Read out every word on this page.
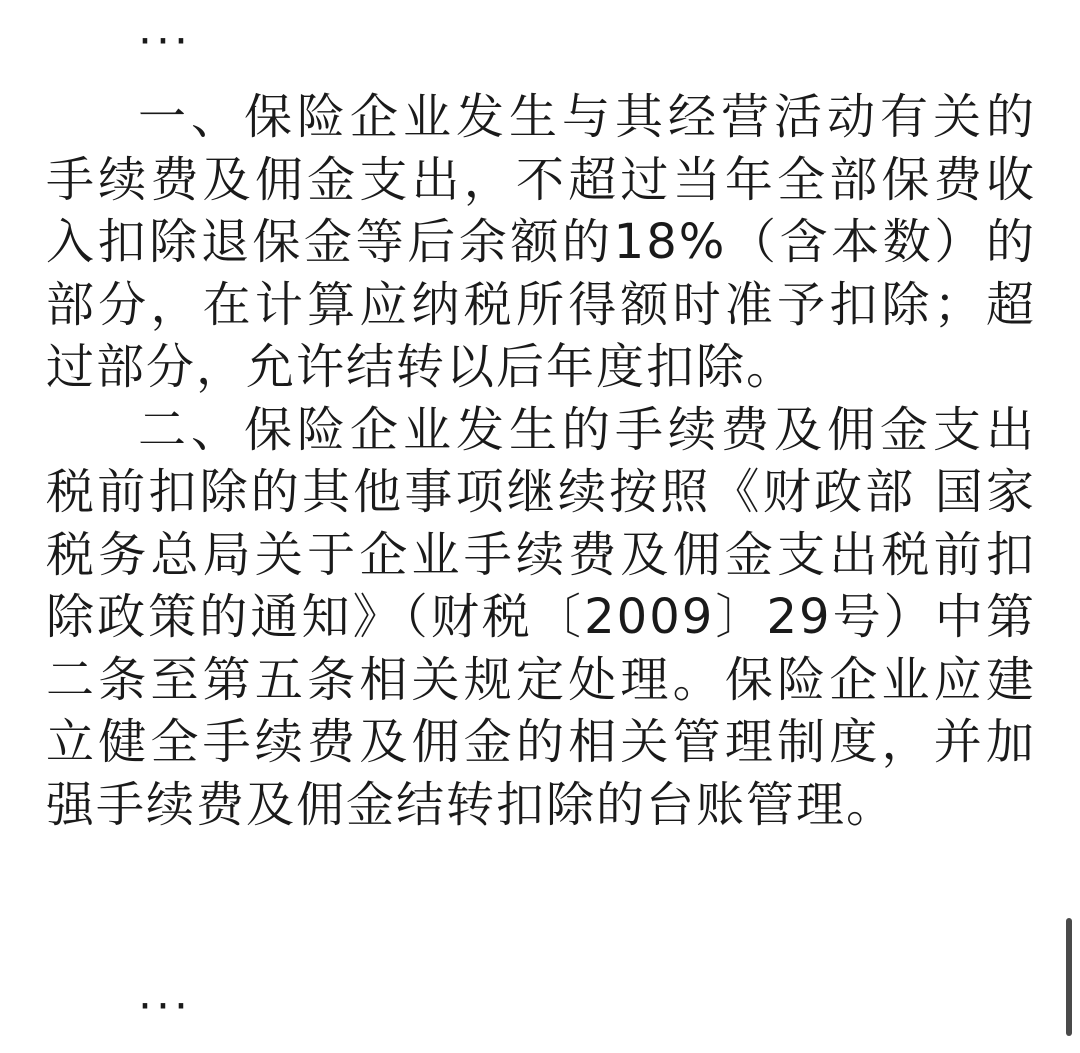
···

一、保险企业发生与其经营活动有关的手续费及佣金支出，不超过当年全部保费收入扣除退保金等后余额的18%（含本数）的部分，在计算应纳税所得额时准予扣除；超过部分，允许结转以后年度扣除。

二、保险企业发生的手续费及佣金支出税前扣除的其他事项继续按照《财政部 国家税务总局关于企业手续费及佣金支出税前扣除政策的通知》（财税〔2009〕29号）中第二条至第五条相关规定处理。保险企业应建立健全手续费及佣金的相关管理制度，并加强手续费及佣金结转扣除的台账管理。

···
